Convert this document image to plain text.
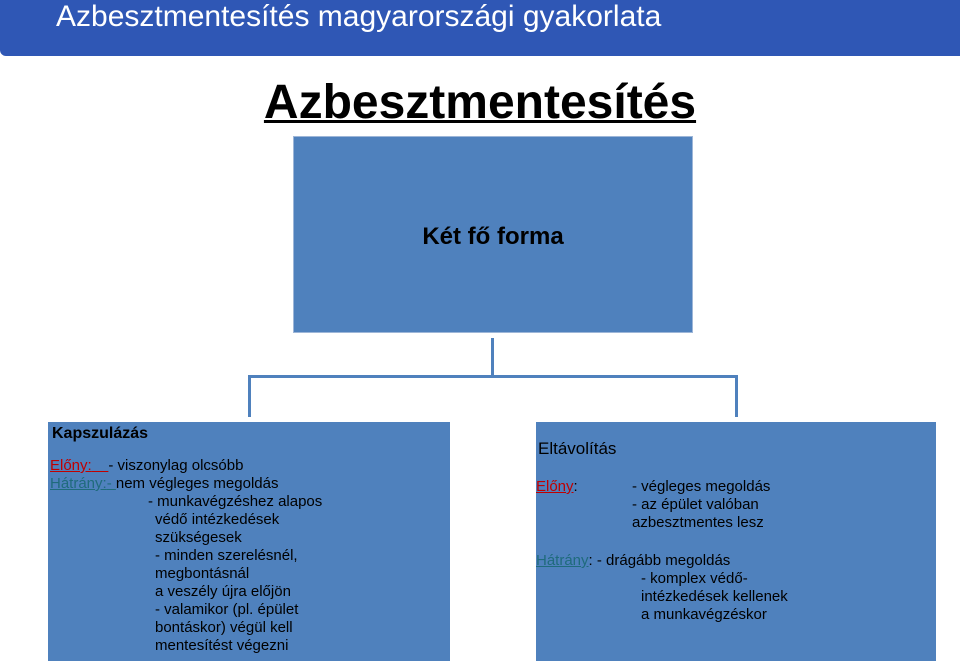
Azbesztmentesítés magyarországi gyakorlata
Azbesztmentesítés
Két fő forma
Kapszulázás
Előny: - viszonylag olcsóbb
Hátrány:- nem végleges megoldás
- munkavégzéshez alapos
védő intézkedések
szükségesek
- minden szerelésnél,
megbontásnál
a veszély újra előjön
- valamikor (pl. épület
bontáskor) végül kell
mentesítést végezni
Eltávolítás
Előny:	- végleges megoldás
- az épület valóban
azbesztmentes lesz
Hátrány: - drágább megoldás
- komplex védő-
intézkedések kellenek
a munkavégzéskor
